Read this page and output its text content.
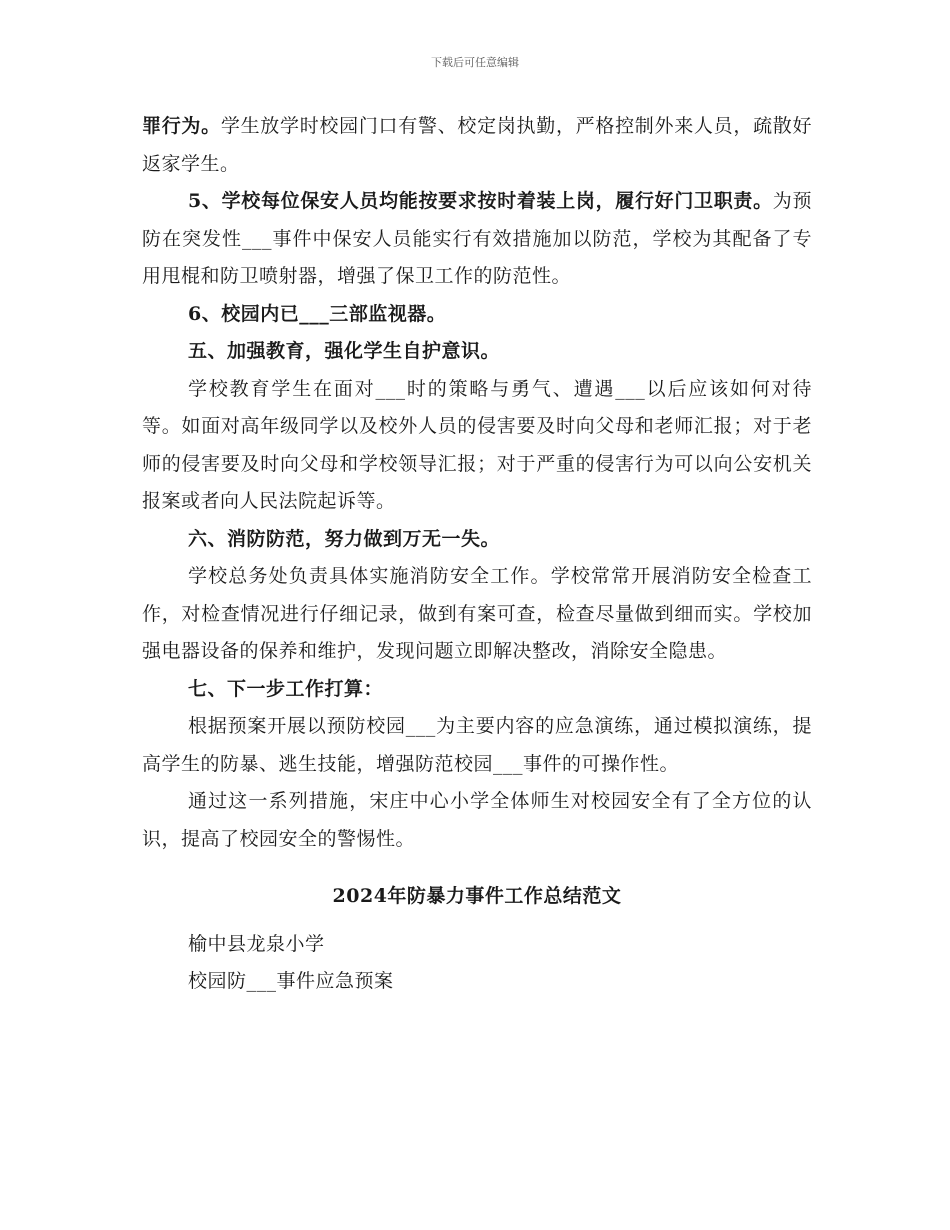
下载后可任意编辑

罪行为。学生放学时校园门口有警、校定岗执勤，严格控制外来人员，疏散好返家学生。

5、学校每位保安人员均能按要求按时着装上岗，履行好门卫职责。为预防在突发性___事件中保安人员能实行有效措施加以防范，学校为其配备了专用甩棍和防卫喷射器，增强了保卫工作的防范性。

6、校园内已___三部监视器。

五、加强教育，强化学生自护意识。

学校教育学生在面对___时的策略与勇气、遭遇___以后应该如何对待等。如面对高年级同学以及校外人员的侵害要及时向父母和老师汇报；对于老师的侵害要及时向父母和学校领导汇报；对于严重的侵害行为可以向公安机关报案或者向人民法院起诉等。

六、消防防范，努力做到万无一失。

学校总务处负责具体实施消防安全工作。学校常常开展消防安全检查工作，对检查情况进行仔细记录，做到有案可查，检查尽量做到细而实。学校加强电器设备的保养和维护，发现问题立即解决整改，消除安全隐患。

七、下一步工作打算：

根据预案开展以预防校园___为主要内容的应急演练，通过模拟演练，提高学生的防暴、逃生技能，增强防范校园___事件的可操作性。

通过这一系列措施，宋庄中心小学全体师生对校园安全有了全方位的认识，提高了校园安全的警惕性。

2024年防暴力事件工作总结范文

榆中县龙泉小学

校园防___事件应急预案
